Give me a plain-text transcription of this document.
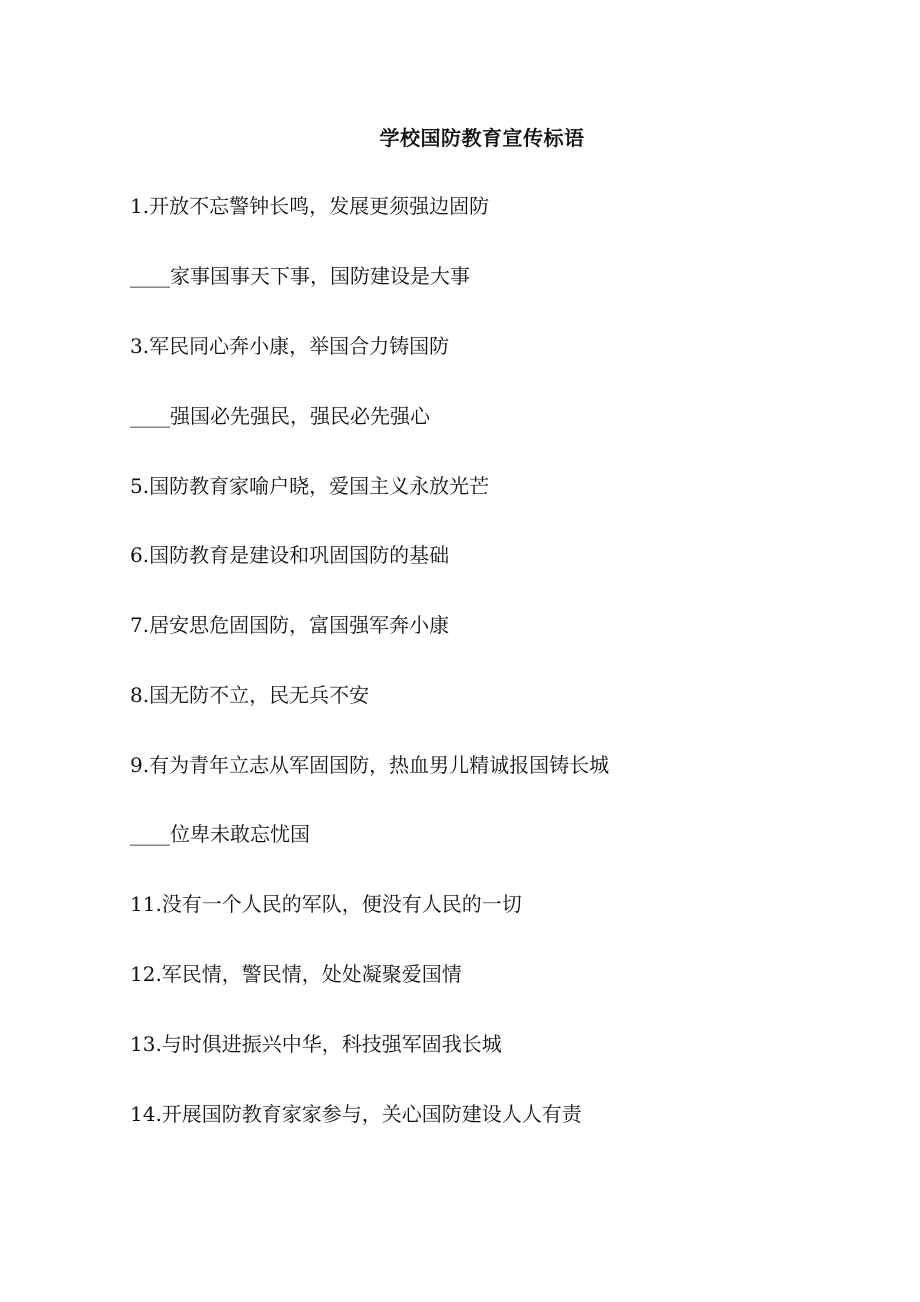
学校国防教育宣传标语
1.开放不忘警钟长鸣，发展更须强边固防
____家事国事天下事，国防建设是大事
3.军民同心奔小康，举国合力铸国防
____强国必先强民，强民必先强心
5.国防教育家喻户晓，爱国主义永放光芒
6.国防教育是建设和巩固国防的基础
7.居安思危固国防，富国强军奔小康
8.国无防不立，民无兵不安
9.有为青年立志从军固国防，热血男儿精诚报国铸长城
____位卑未敢忘忧国
11.没有一个人民的军队，便没有人民的一切
12.军民情，警民情，处处凝聚爱国情
13.与时俱进振兴中华，科技强军固我长城
14.开展国防教育家家参与，关心国防建设人人有责
